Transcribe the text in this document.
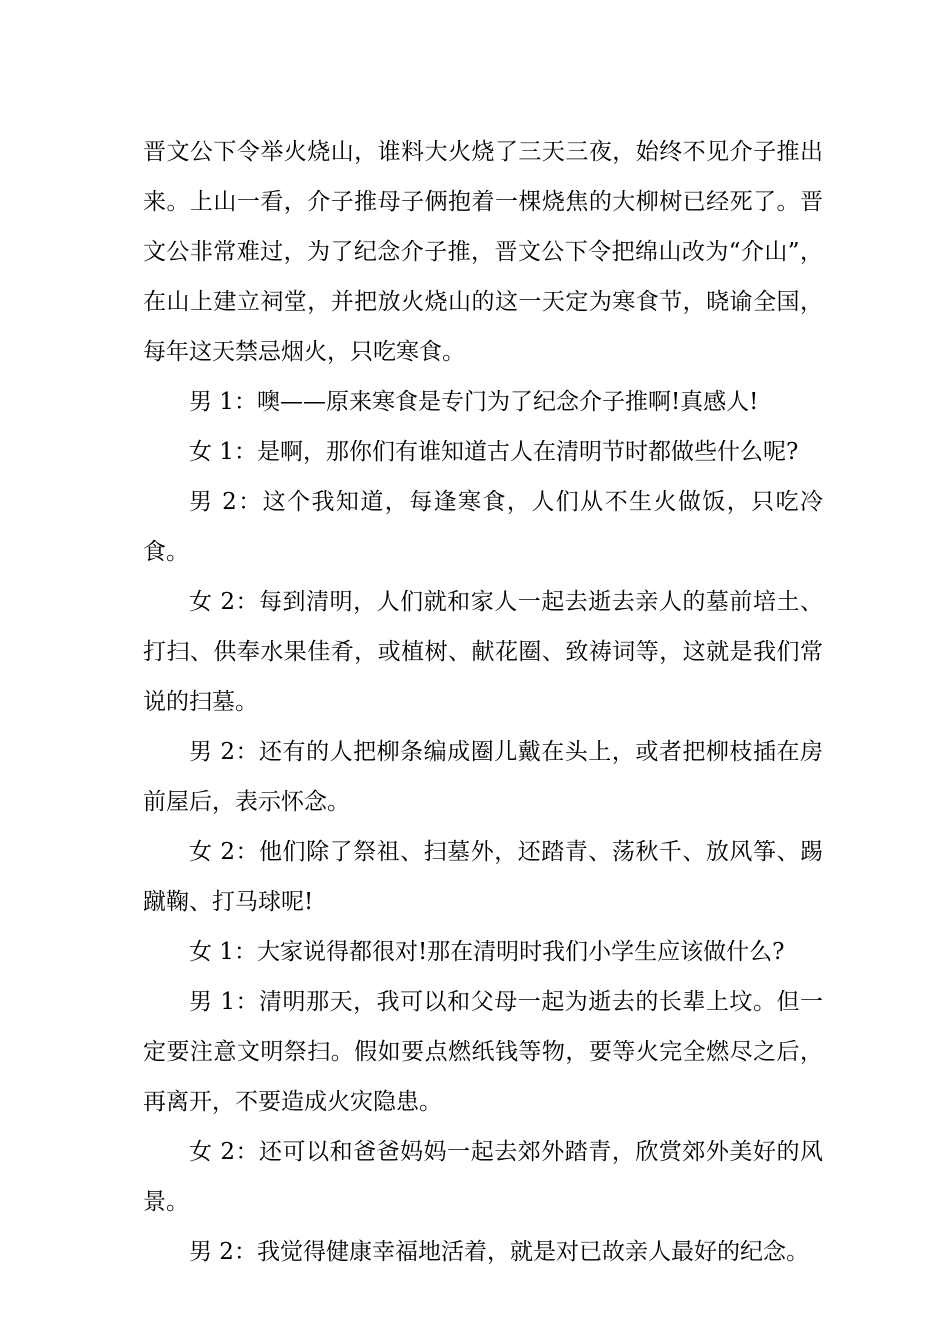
晋文公下令举火烧山，谁料大火烧了三天三夜，始终不见介子推出来。上山一看，介子推母子俩抱着一棵烧焦的大柳树已经死了。晋文公非常难过，为了纪念介子推，晋文公下令把绵山改为“介山”，在山上建立祠堂，并把放火烧山的这一天定为寒食节，晓谕全国，每年这天禁忌烟火，只吃寒食。

男 1：噢——原来寒食是专门为了纪念介子推啊!真感人!

女 1：是啊，那你们有谁知道古人在清明节时都做些什么呢?

男 2：这个我知道，每逢寒食，人们从不生火做饭，只吃冷食。

女 2：每到清明，人们就和家人一起去逝去亲人的墓前培土、打扫、供奉水果佳肴，或植树、献花圈、致祷词等，这就是我们常说的扫墓。

男 2：还有的人把柳条编成圈儿戴在头上，或者把柳枝插在房前屋后，表示怀念。

女 2：他们除了祭祖、扫墓外，还踏青、荡秋千、放风筝、踢蹴鞠、打马球呢!

女 1：大家说得都很对!那在清明时我们小学生应该做什么?

男 1：清明那天，我可以和父母一起为逝去的长辈上坟。但一定要注意文明祭扫。假如要点燃纸钱等物，要等火完全燃尽之后，再离开，不要造成火灾隐患。

女 2：还可以和爸爸妈妈一起去郊外踏青，欣赏郊外美好的风景。

男 2：我觉得健康幸福地活着，就是对已故亲人最好的纪念。
